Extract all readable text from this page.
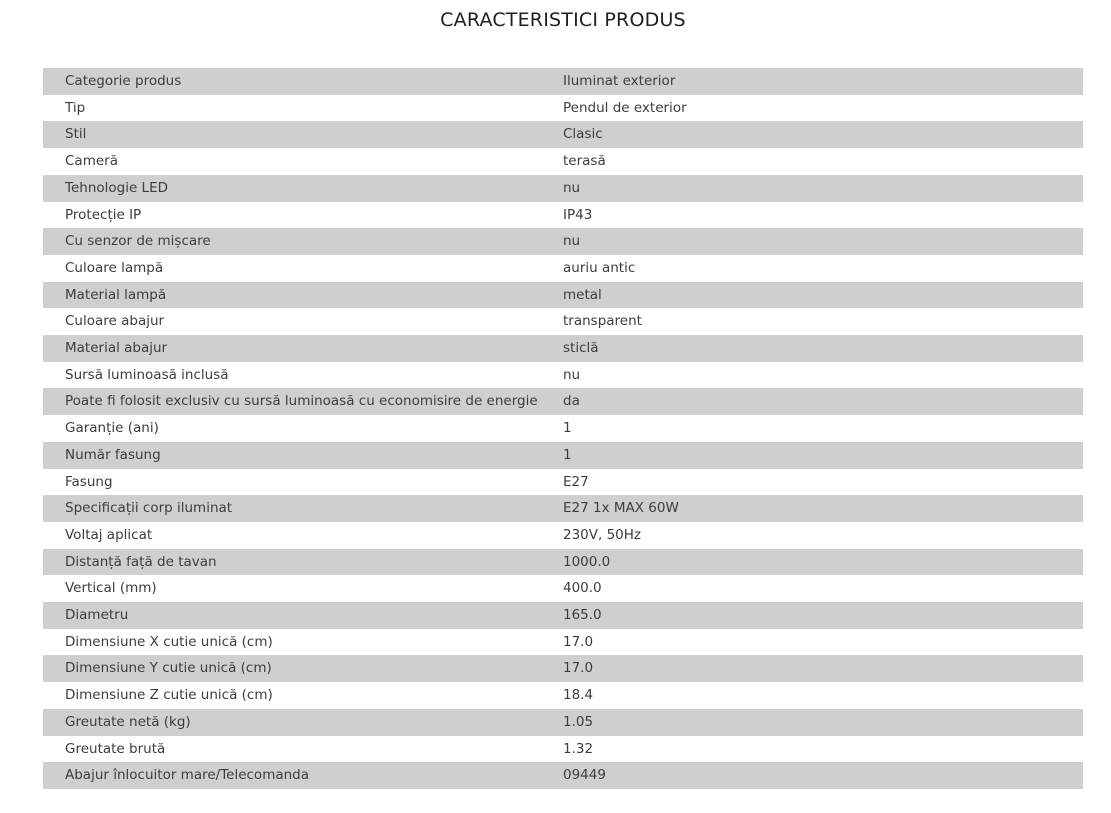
CARACTERISTICI PRODUS
Categorie produs	Iluminat exterior
Tip	Pendul de exterior
Stil	Clasic
Cameră	terasă
Tehnologie LED	nu
Protecție IP	IP43
Cu senzor de mișcare	nu
Culoare lampă	auriu antic
Material lampă	metal
Culoare abajur	transparent
Material abajur	sticlă
Sursă luminoasă inclusă	nu
Poate fi folosit exclusiv cu sursă luminoasă cu economisire de energie	da
Garanție (ani)	1
Număr fasung	1
Fasung	E27
Specificații corp iluminat	E27 1x MAX 60W
Voltaj aplicat	230V, 50Hz
Distanță față de tavan	1000.0
Vertical (mm)	400.0
Diametru	165.0
Dimensiune X cutie unică (cm)	17.0
Dimensiune Y cutie unică (cm)	17.0
Dimensiune Z cutie unică (cm)	18.4
Greutate netă (kg)	1.05
Greutate brută	1.32
Abajur înlocuitor mare/Telecomanda	09449
